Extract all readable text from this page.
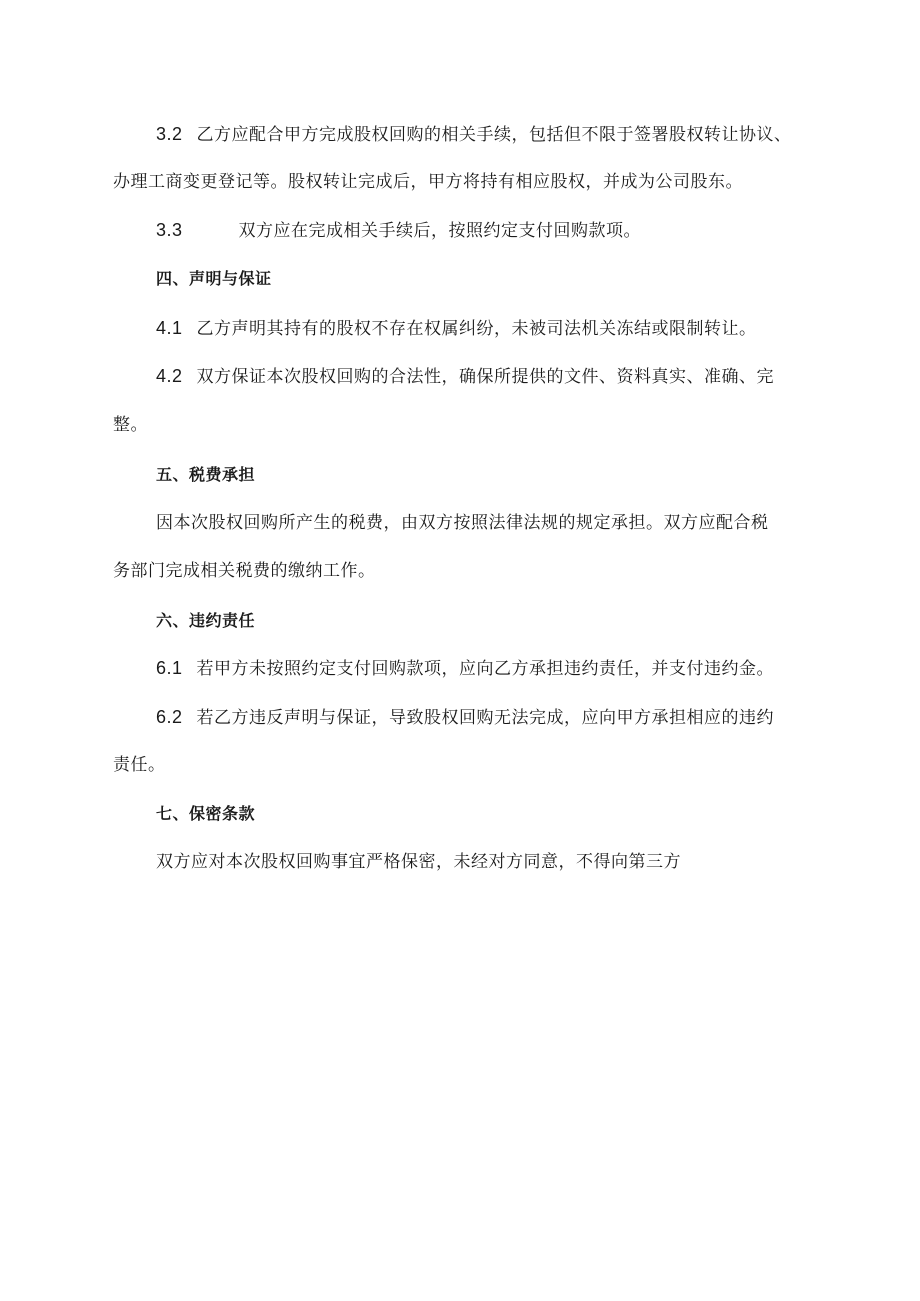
3.2 乙方应配合甲方完成股权回购的相关手续，包括但不限于签署股权转让协议、
办理工商变更登记等。股权转让完成后，甲方将持有相应股权，并成为公司股东。
3.3	双方应在完成相关手续后，按照约定支付回购款项。
四、声明与保证
4.1 乙方声明其持有的股权不存在权属纠纷，未被司法机关冻结或限制转让。
4.2 双方保证本次股权回购的合法性，确保所提供的文件、资料真实、准确、完
整。
五、税费承担
因本次股权回购所产生的税费，由双方按照法律法规的规定承担。双方应配合税
务部门完成相关税费的缴纳工作。
六、违约责任
6.1 若甲方未按照约定支付回购款项，应向乙方承担违约责任，并支付违约金。
6.2 若乙方违反声明与保证，导致股权回购无法完成，应向甲方承担相应的违约
责任。
七、保密条款
双方应对本次股权回购事宜严格保密，未经对方同意，不得向第三方
